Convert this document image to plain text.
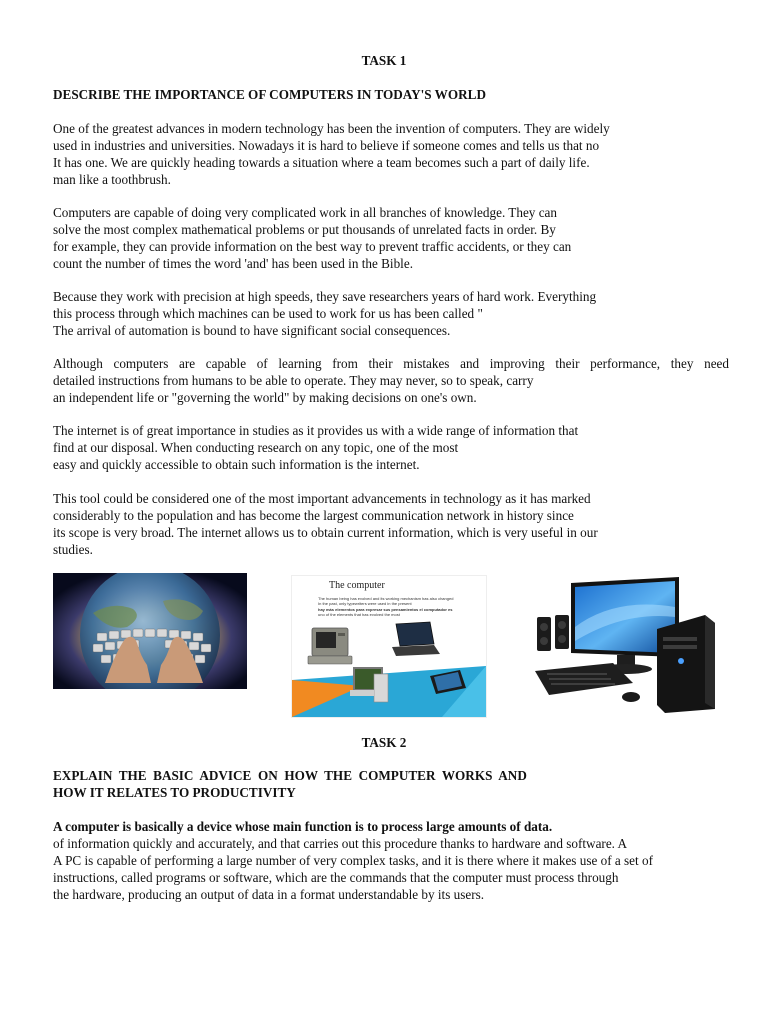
TASK 1

DESCRIBE THE IMPORTANCE OF COMPUTERS IN TODAY'S WORLD

One of the greatest advances in modern technology has been the invention of computers. They are widely

used in industries and universities. Nowadays it is hard to believe if someone comes and tells us that no

It has one. We are quickly heading towards a situation where a team becomes such a part of daily life.

man like a toothbrush.

Computers are capable of doing very complicated work in all branches of knowledge. They can

solve the most complex mathematical problems or put thousands of unrelated facts in order. By

for example, they can provide information on the best way to prevent traffic accidents, or they can

count the number of times the word 'and' has been used in the Bible.

Because they work with precision at high speeds, they save researchers years of hard work. Everything

this process through which machines can be used to work for us has been called "

The arrival of automation is bound to have significant social consequences.

Although computers are capable of learning from their mistakes and improving their performance, they need

detailed instructions from humans to be able to operate. They may never, so to speak, carry

an independent life or "governing the world" by making decisions on one's own.

The internet is of great importance in studies as it provides us with a wide range of information that

find at our disposal. When conducting research on any topic, one of the most

easy and quickly accessible to obtain such information is the internet.

This tool could be considered one of the most important advancements in technology as it has marked

considerably to the population and has become the largest communication network in history since

its scope is very broad. The internet allows us to obtain current information, which is very useful in our

studies.

The computer
The human being has evolved and its working mechanism has also changed
In the past, only typewriters were used in the present
hay más elementos para expresar sus pensamientos el computador es
uno of the elements that has evolved the most

TASK 2

EXPLAIN  THE  BASIC  ADVICE  ON  HOW  THE  COMPUTER  WORKS  AND

HOW IT RELATES TO PRODUCTIVITY

A computer is basically a device whose main function is to process large amounts of data.

of information quickly and accurately, and that carries out this procedure thanks to hardware and software. A

A PC is capable of performing a large number of very complex tasks, and it is there where it makes use of a set of

instructions, called programs or software, which are the commands that the computer must process through

the hardware, producing an output of data in a format understandable by its users.
